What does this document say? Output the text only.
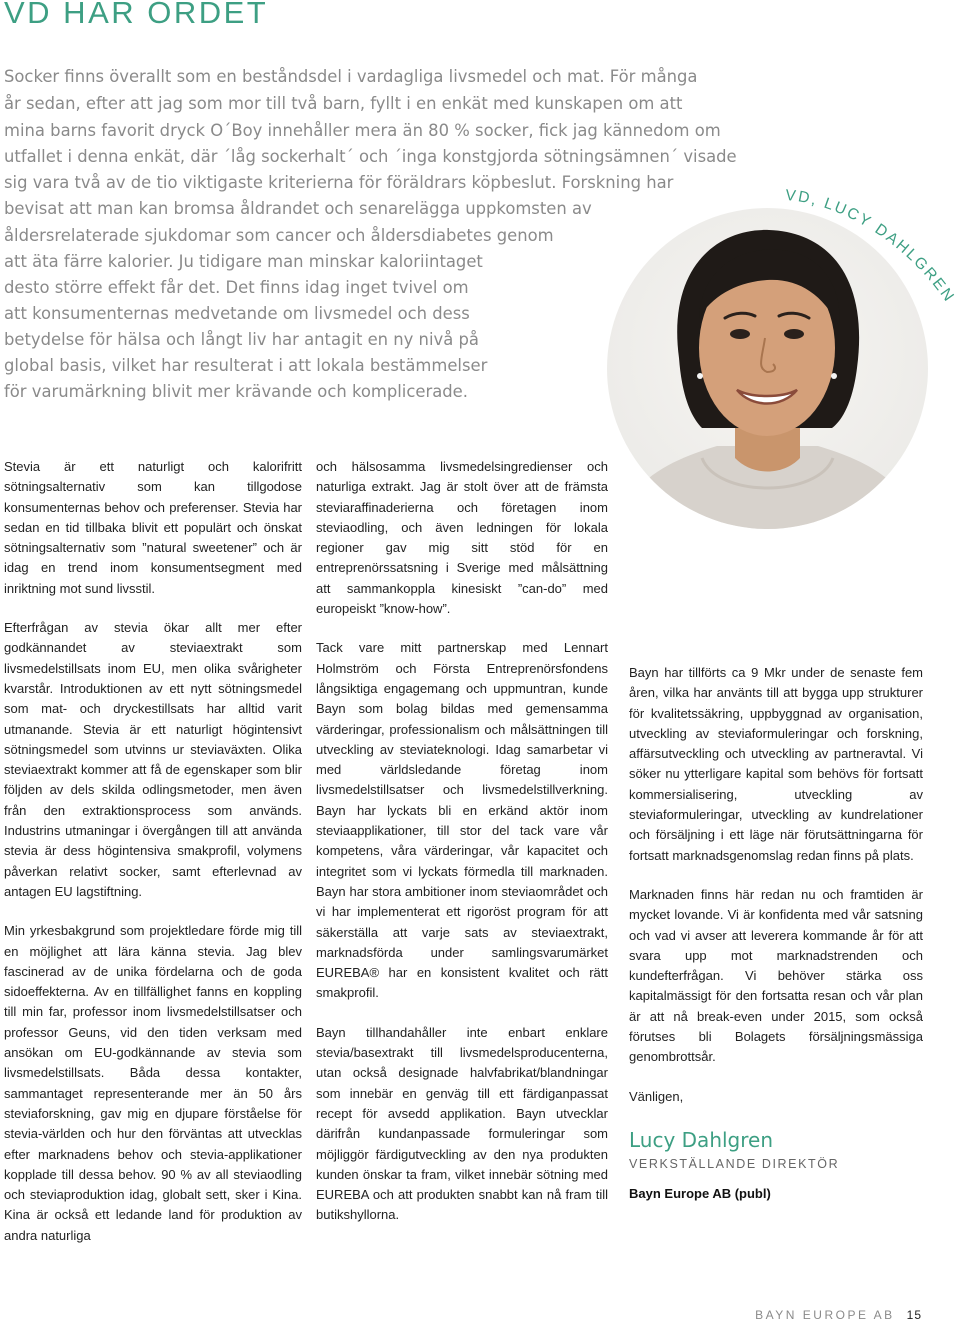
VD HAR ORDET
Socker finns överallt som en beståndsdel i vardagliga livsmedel och mat. För många
år sedan, efter att jag som mor till två barn, fyllt i en enkät med kunskapen om att
mina barns favorit dryck O´Boy innehåller mera än 80 % socker, fick jag kännedom om
utfallet i denna enkät, där ´låg sockerhalt´ och ´inga konstgjorda sötningsämnen´ visade
sig vara två av de tio viktigaste kriterierna för föräldrars köpbeslut. Forskning har
bevisat att man kan bromsa åldrandet och senarelägga uppkomsten av
åldersrelaterade sjukdomar som cancer och åldersdiabetes genom
att äta färre kalorier. Ju tidigare man minskar kaloriintaget
desto större effekt får det. Det finns idag inget tvivel om
att konsumenternas medvetande om livsmedel och dess
betydelse för hälsa och långt liv har antagit en ny nivå på
global basis, vilket har resulterat i att lokala bestämmelser
för varumärkning blivit mer krävande och komplicerade.
VD, LUCY DAHLGREN

Stevia är ett naturligt och kalorifritt sötningsalternativ som kan tillgodose konsumenternas behov och preferenser. Stevia har sedan en tid tillbaka blivit ett populärt och önskat sötningsalternativ som ”natural sweetener” och är idag en trend inom konsumentsegment med inriktning mot sund livsstil.

Efterfrågan av stevia ökar allt mer efter godkännandet av steviaextrakt som livsmedelstillsats inom EU, men olika svårigheter kvarstår. Introduktionen av ett nytt sötningsmedel som mat- och dryckestillsats har alltid varit utmanande. Stevia är ett naturligt högintensivt sötningsmedel som utvinns ur steviaväxten. Olika steviaextrakt kommer att få de egenskaper som blir följden av dels skilda odlingsmetoder, men även från den extraktionsprocess som används. Industrins utmaningar i övergången till att använda stevia är dess högintensiva smakprofil, volymens påverkan relativt socker, samt efterlevnad av antagen EU lagstiftning.

Min yrkesbakgrund som projektledare förde mig till en möjlighet att lära känna stevia. Jag blev fascinerad av de unika fördelarna och de goda sidoeffekterna. Av en tillfällighet fanns en koppling till min far, professor inom livsmedelstillsatser och professor Geuns, vid den tiden verksam med ansökan om EU-godkännande av stevia som livsmedelstillsats. Båda dessa kontakter, sammantaget representerande mer än 50 års steviaforskning, gav mig en djupare förståelse för stevia-världen och hur den förväntas att utvecklas efter marknadens behov och stevia-applikationer kopplade till dessa behov. 90 % av all steviaodling och steviaproduktion idag, globalt sett, sker i Kina. Kina är också ett ledande land för produktion av andra naturliga

och hälsosamma livsmedelsingredienser och naturliga extrakt. Jag är stolt över att de främsta steviaraffinaderierna och företagen inom steviaodling, och även ledningen för lokala regioner gav mig sitt stöd för en entreprenörssatsning i Sverige med målsättning att sammankoppla kinesiskt ”can-do” med europeiskt ”know-how”.

Tack vare mitt partnerskap med Lennart Holmström och Första Entreprenörsfondens långsiktiga engagemang och uppmuntran, kunde Bayn som bolag bildas med gemensamma värderingar, professionalism och målsättningen till utveckling av steviateknologi. Idag samarbetar vi med världsledande företag inom livsmedelstillsatser och livsmedelstillverkning. Bayn har lyckats bli en erkänd aktör inom steviaapplikationer, till stor del tack vare vår kompetens, våra värderingar, vår kapacitet och integritet som vi lyckats förmedla till marknaden. Bayn har stora ambitioner inom steviaområdet och vi har implementerat ett rigoröst program för att säkerställa att varje sats av steviaextrakt, marknadsförda under samlingsvarumärket EUREBA® har en konsistent kvalitet och rätt smakprofil.

Bayn tillhandahåller inte enbart enklare stevia/basextrakt till livsmedelsproducenterna, utan också designade halvfabrikat/blandningar som innebär en genväg till ett färdiganpassat recept för avsedd applikation. Bayn utvecklar därifrån kundanpassade formuleringar som möjliggör färdigutveckling av den nya produkten kunden önskar ta fram, vilket innebär sötning med EUREBA och att produkten snabbt kan nå fram till butikshyllorna.

Bayn har tillförts ca 9 Mkr under de senaste fem åren, vilka har använts till att bygga upp strukturer för kvalitetssäkring, uppbyggnad av organisation, utveckling av steviaformuleringar och forskning, affärsutveckling och utveckling av partneravtal. Vi söker nu ytterligare kapital som behövs för fortsatt kommersialisering, utveckling av steviaformuleringar, utveckling av kundrelationer och försäljning i ett läge när förutsättningarna för fortsatt marknadsgenomslag redan finns på plats.

Marknaden finns här redan nu och framtiden är mycket lovande. Vi är konfidenta med vår satsning och vad vi avser att leverera kommande år för att svara upp mot marknadstrenden och kundefterfrågan. Vi behöver stärka oss kapitalmässigt för den fortsatta resan och vår plan är att nå break-even under 2015, som också förutses bli Bolagets försäljningsmässiga genombrottsår.

Vänligen,

Lucy Dahlgren
VERKSTÄLLANDE DIREKTÖR
Bayn Europe AB (publ)
BAYN EUROPE AB 15
